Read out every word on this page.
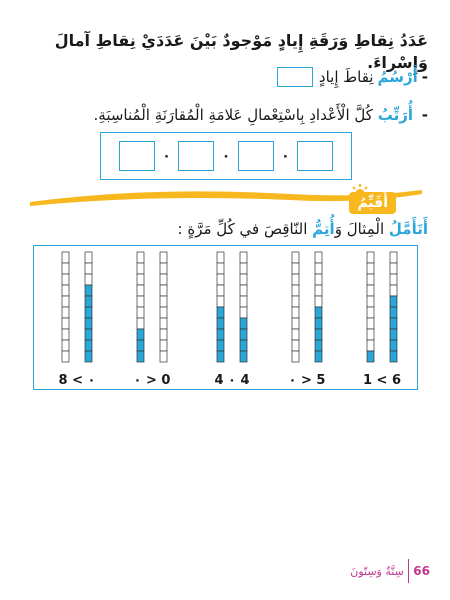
عَدَدُ نِقاطِ وَرَقَةِ إِيادٍ مَوْجودٌ بَيْنَ عَدَدَيْ نِقاطِ آمالَ وَإِسْراءَ.
-
أَرْسُمُ
نِقاطَ إِيادٍ
- أُرَتِّبُ كُلَّ الْأَعْدادِ بِاسْتِعْمالِ عَلامَةِ الْمُقارَنَةِ الْمُناسِبَةِ.
٠	٠	٠
أُقَيِّمُ
أَتَأَمَّلُ الْمِثالَ وَأُتِمُّ النّاقِصَ في كُلِّ مَرَّةٍ :
8 < ٠	٠ > 0	4 ٠ 4	٠ > 5	1 < 6
66
سِتَّةٌ وَسِتّونَ
